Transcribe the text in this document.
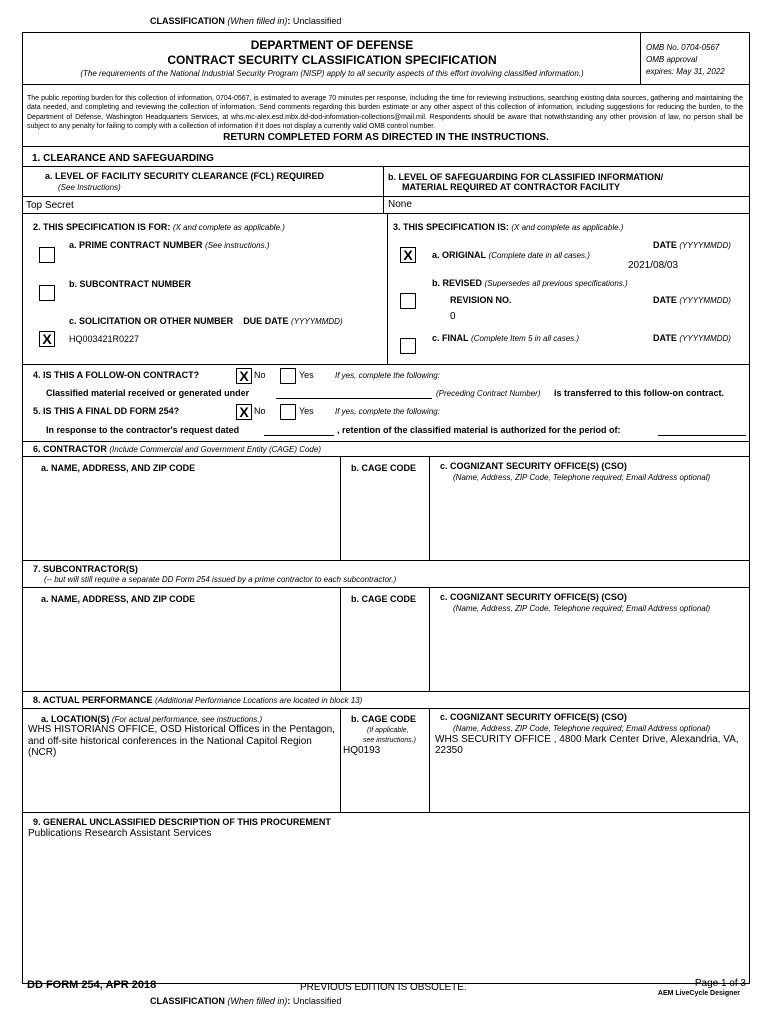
CLASSIFICATION (When filled in): Unclassified
DEPARTMENT OF DEFENSE
CONTRACT SECURITY CLASSIFICATION SPECIFICATION
(The requirements of the National Industrial Security Program (NISP) apply to all security aspects of this effort involving classified information.)
OMB No. 0704-0567
OMB approval
expires: May 31, 2022
The public reporting burden for this collection of information, 0704-0567, is estimated to average 70 minutes per response, including the time for reviewing instructions, searching existing data sources, gathering and maintaining the data needed, and completing and reviewing the collection of information. Send comments regarding this burden estimate or any other aspect of this collection of information, including suggestions for reducing the burden, to the Department of Defense, Washington Headquarters Services, at whs.mc-alex.esd.mbx.dd-dod-information-collections@mail.mil. Respondents should be aware that notwithstanding any other provision of law, no person shall be subject to any penalty for failing to comply with a collection of information if it does not display a currently valid OMB control number.
RETURN COMPLETED FORM AS DIRECTED IN THE INSTRUCTIONS.
1. CLEARANCE AND SAFEGUARDING
a. LEVEL OF FACILITY SECURITY CLEARANCE (FCL) REQUIRED
(See Instructions)
b. LEVEL OF SAFEGUARDING FOR CLASSIFIED INFORMATION/
MATERIAL REQUIRED AT CONTRACTOR FACILITY
Top Secret	None
2. THIS SPECIFICATION IS FOR: (X and complete as applicable.)
a. PRIME CONTRACT NUMBER (See instructions.)
b. SUBCONTRACT NUMBER
c. SOLICITATION OR OTHER NUMBER DUE DATE (YYYYMMDD)
X	HQ003421R0227
3. THIS SPECIFICATION IS: (X and complete as applicable.)
DATE (YYYYMMDD)
X	a. ORIGINAL (Complete date in all cases.)
2021/08/03
b. REVISED (Supersedes all previous specifications.)
REVISION NO.	DATE (YYYYMMDD)
0
c. FINAL (Complete Item 5 in all cases.)	DATE (YYYYMMDD)
4. IS THIS A FOLLOW-ON CONTRACT?	X No	Yes	If yes, complete the following:
Classified material received or generated under	(Preceding Contract Number) is transferred to this follow-on contract.
5. IS THIS A FINAL DD FORM 254?	X No	Yes	If yes, complete the following:
In response to the contractor's request dated	, retention of the classified material is authorized for the period of:
6. CONTRACTOR (Include Commercial and Government Entity (CAGE) Code)
a. NAME, ADDRESS, AND ZIP CODE	b. CAGE CODE	c. COGNIZANT SECURITY OFFICE(S) (CSO)
(Name, Address, ZIP Code, Telephone required; Email Address optional)
7. SUBCONTRACTOR(S)
(-- but will still require a separate DD Form 254 issued by a prime contractor to each subcontractor.)
a. NAME, ADDRESS, AND ZIP CODE	b. CAGE CODE	c. COGNIZANT SECURITY OFFICE(S) (CSO)
(Name, Address, ZIP Code, Telephone required; Email Address optional)
8. ACTUAL PERFORMANCE (Additional Performance Locations are located in block 13)
a. LOCATION(S) (For actual performance, see instructions.)
WHS HISTORIANS OFFICE, OSD Historical Offices in the Pentagon, and off-site historical conferences in the National Capitol Region (NCR)
b. CAGE CODE
(If applicable,
see instructions.)
HQ0193
c. COGNIZANT SECURITY OFFICE(S) (CSO)
(Name, Address, ZIP Code, Telephone required; Email Address optional)
WHS SECURITY OFFICE , 4800 Mark Center Drive, Alexandria, VA, 22350
9. GENERAL UNCLASSIFIED DESCRIPTION OF THIS PROCUREMENT
Publications Research Assistant Services
DD FORM 254, APR 2018	PREVIOUS EDITION IS OBSOLETE.	Page 1 of 3
AEM LiveCycle Designer
CLASSIFICATION (When filled in): Unclassified
